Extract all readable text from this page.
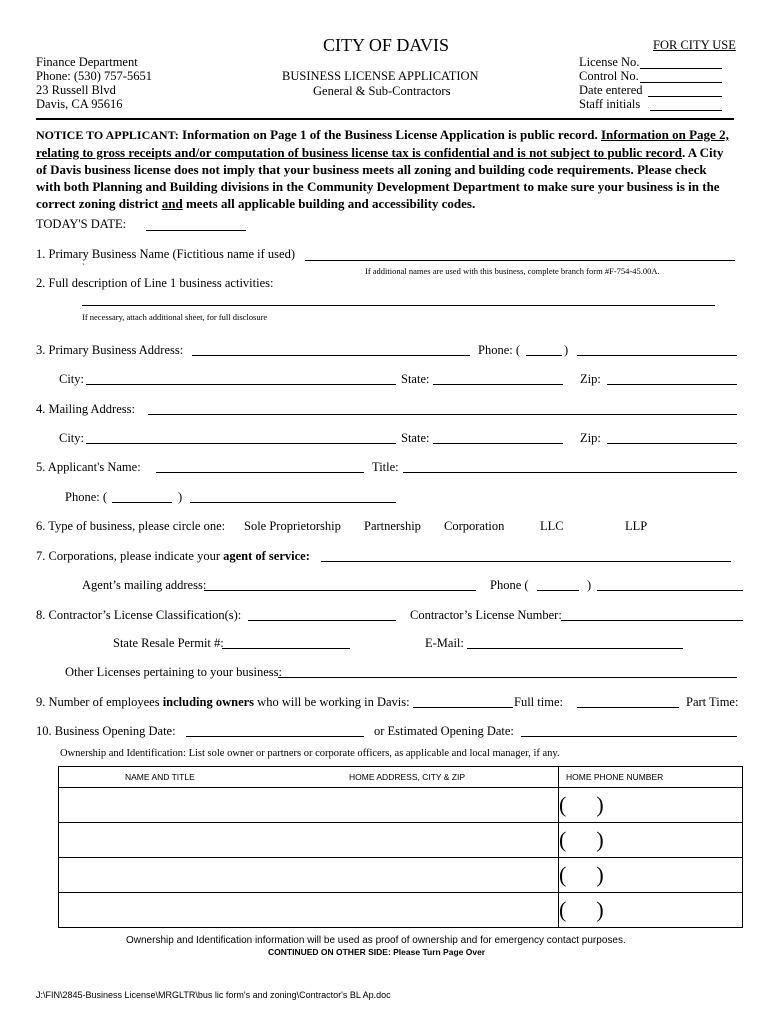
CITY OF DAVIS	FOR CITY USE
Finance Department
Phone: (530) 757-5651
23 Russell Blvd
Davis, CA 95616
BUSINESS LICENSE APPLICATION
General & Sub-Contractors
License No.
Control No.
Date entered
Staff initials
NOTICE TO APPLICANT: Information on Page 1 of the Business License Application is public record. Information on Page 2, relating to gross receipts and/or computation of business license tax is confidential and is not subject to public record. A City of Davis business license does not imply that your business meets all zoning and building code requirements. Please check with both Planning and Building divisions in the Community Development Department to make sure your business is in the correct zoning district and meets all applicable building and accessibility codes.
TODAY'S DATE:
1. Primary Business Name (Fictitious name if used)
`	If additional names are used with this business, complete branch form #F-754-45.00A.
2. Full description of Line 1 business activities:
If necessary, attach additional sheet, for full disclosure
3. Primary Business Address:	Phone: (	)
City:	State:	Zip:
4. Mailing Address:
City:	State:	Zip:
5. Applicant's Name:	Title:
Phone: (	)
6. Type of business, please circle one: Sole Proprietorship Partnership Corporation	LLC	LLP
7. Corporations, please indicate your agent of service:
Agent’s mailing address:	Phone (	)
8. Contractor’s License Classification(s):	Contractor’s License Number:
State Resale Permit #:	E-Mail:
Other Licenses pertaining to your business:
9. Number of employees including owners who will be working in Davis:	Full time:	Part Time:
10. Business Opening Date:	or Estimated Opening Date:
Ownership and Identification: List sole owner or partners or corporate officers, as applicable and local manager, if any.
NAME AND TITLE HOME ADDRESS, CITY & ZIP	HOME PHONE NUMBER
	( )
	( )
	( )
	( )
Ownership and Identification information will be used as proof of ownership and for emergency contact purposes.
CONTINUED ON OTHER SIDE: Please Turn Page Over
J:\FIN\2845-Business License\MRGLTR\bus lic form's and zoning\Contractor's BL Ap.doc
